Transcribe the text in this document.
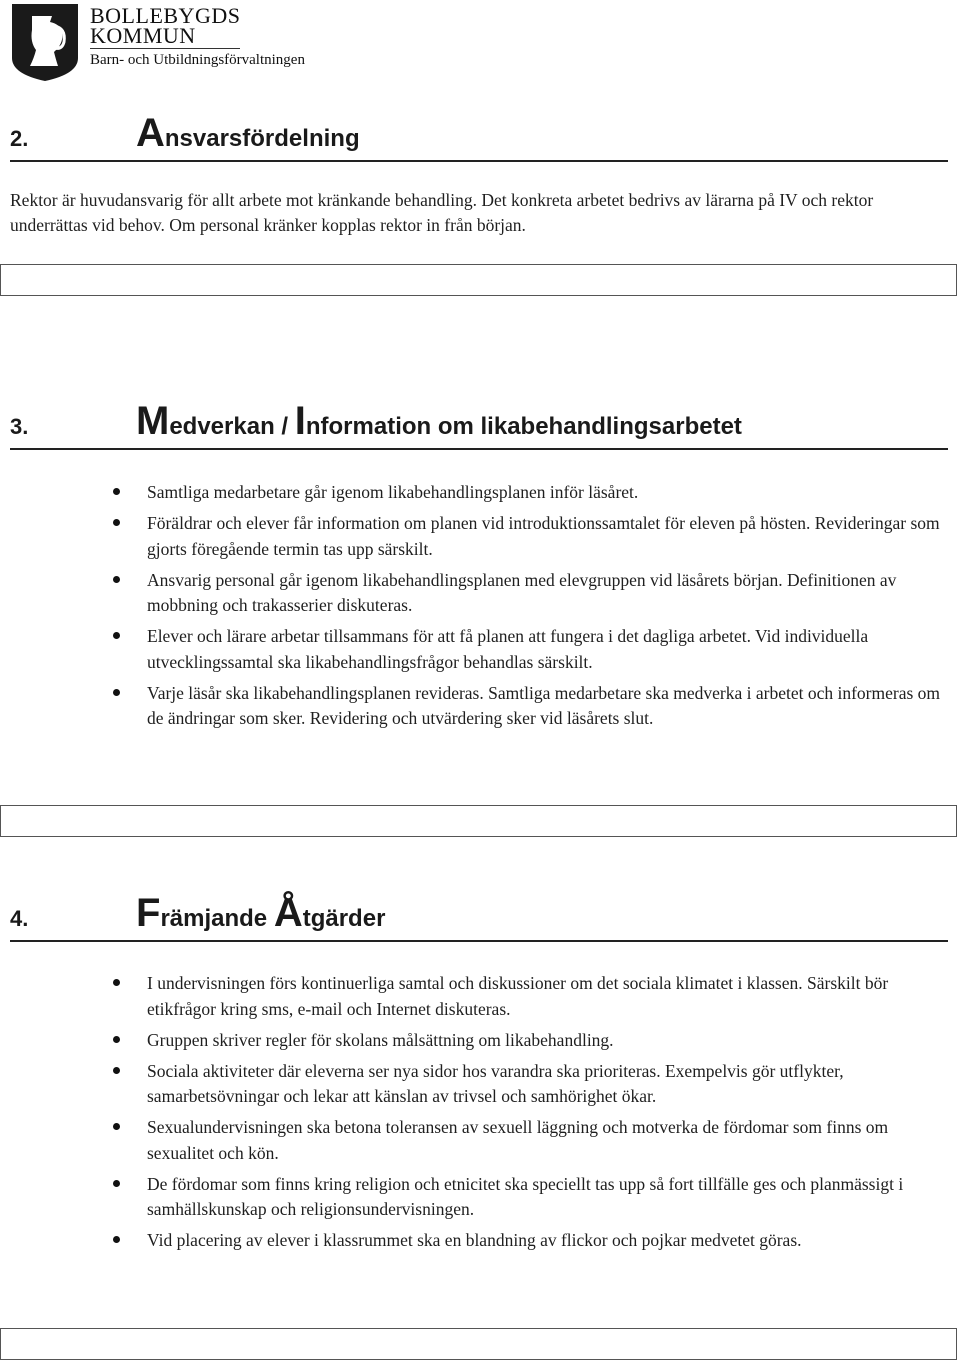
BOLLEBYGDS
KOMMUN
Barn- och Utbildningsförvaltningen
2.	Ansvarsfördelning
Rektor är huvudansvarig för allt arbete mot kränkande behandling. Det konkreta arbetet bedrivs av lärarna på IV och rektor underrättas vid behov. Om personal kränker kopplas rektor in från början.
3.	Medverkan / Information om likabehandlingsarbetet
Samtliga medarbetare går igenom likabehandlingsplanen inför läsåret.
Föräldrar och elever får information om planen vid introduktionssamtalet för eleven på hösten. Revideringar som gjorts föregående termin tas upp särskilt.
Ansvarig personal går igenom likabehandlingsplanen med elevgruppen vid läsårets början. Definitionen av mobbning och trakasserier diskuteras.
Elever och lärare arbetar tillsammans för att få planen att fungera i det dagliga arbetet. Vid individuella utvecklingssamtal ska likabehandlingsfrågor behandlas särskilt.
Varje läsår ska likabehandlingsplanen revideras. Samtliga medarbetare ska medverka i arbetet och informeras om de ändringar som sker. Revidering och utvärdering sker vid läsårets slut.
4.	Främjande Åtgärder
I undervisningen förs kontinuerliga samtal och diskussioner om det sociala klimatet i klassen. Särskilt bör etikfrågor kring sms, e-mail och Internet diskuteras.
Gruppen skriver regler för skolans målsättning om likabehandling.
Sociala aktiviteter där eleverna ser nya sidor hos varandra ska prioriteras. Exempelvis gör utflykter, samarbetsövningar och lekar att känslan av trivsel och samhörighet ökar.
Sexualundervisningen ska betona toleransen av sexuell läggning och motverka de fördomar som finns om sexualitet och kön.
De fördomar som finns kring religion och etnicitet ska speciellt tas upp så fort tillfälle ges och planmässigt i samhällskunskap och religionsundervisningen.
Vid placering av elever i klassrummet ska en blandning av flickor och pojkar medvetet göras.
